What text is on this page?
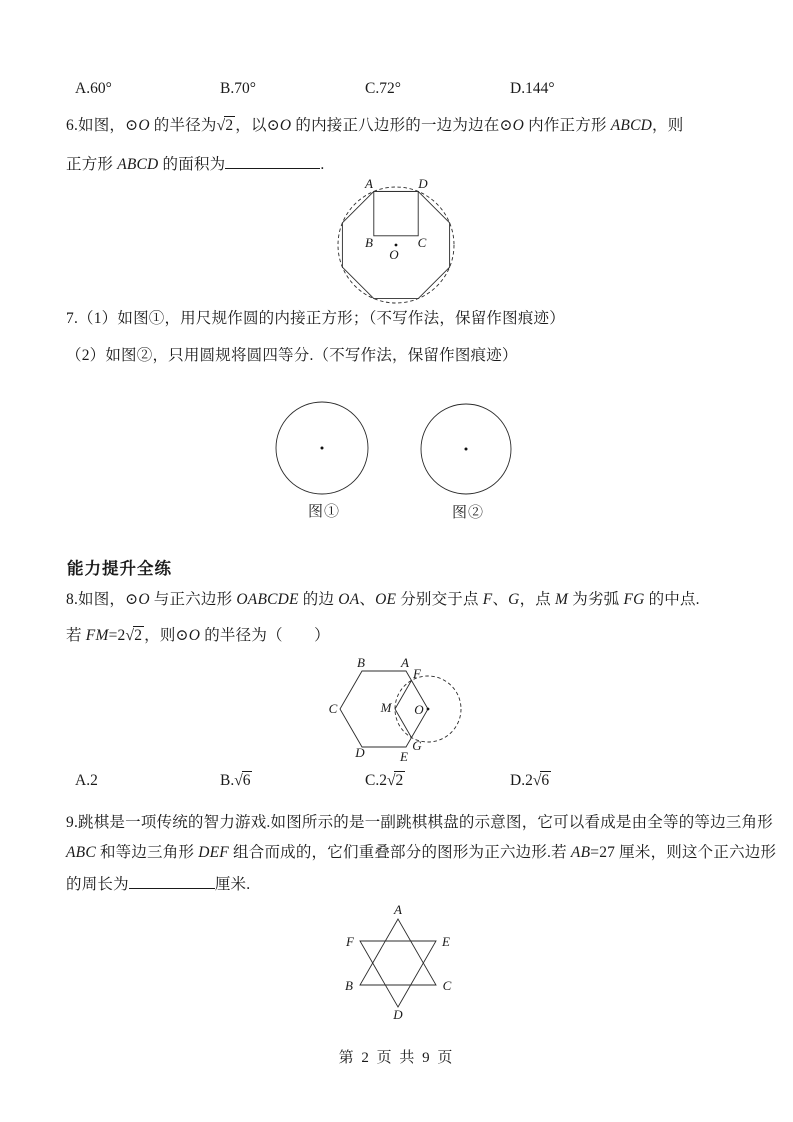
A.60°	B.70°	C.72°	D.144°
6.如图，⊙O 的半径为√2 ，以⊙O 的内接正八边形的一边为边在⊙O 内作正方形 ABCD，则
正方形 ABCD 的面积为	.
A	D
B	C
O
7.（1）如图①，用尺规作圆的内接正方形；（不写作法，保留作图痕迹）
（2）如图②，只用圆规将圆四等分.（不写作法，保留作图痕迹）
图①	图②
能力提升全练
8.如图，⊙O 与正六边形 OABCDE 的边 OA、OE 分别交于点 F、G，点 M 为劣弧 FG 的中点.
若 FM=2√2 ，则⊙O 的半径为（　　）
B	A
F
C	M O
D	E
G
A.2	B.√6	C.2√2	D.2√6
9.跳棋是一项传统的智力游戏.如图所示的是一副跳棋棋盘的示意图，它可以看成是由全等的等边三角形
ABC 和等边三角形 DEF 组合而成的，它们重叠部分的图形为正六边形.若 AB=27 厘米，则这个正六边形
的周长为	厘米.
A
F	E
B	C
D
第 2 页 共 9 页
